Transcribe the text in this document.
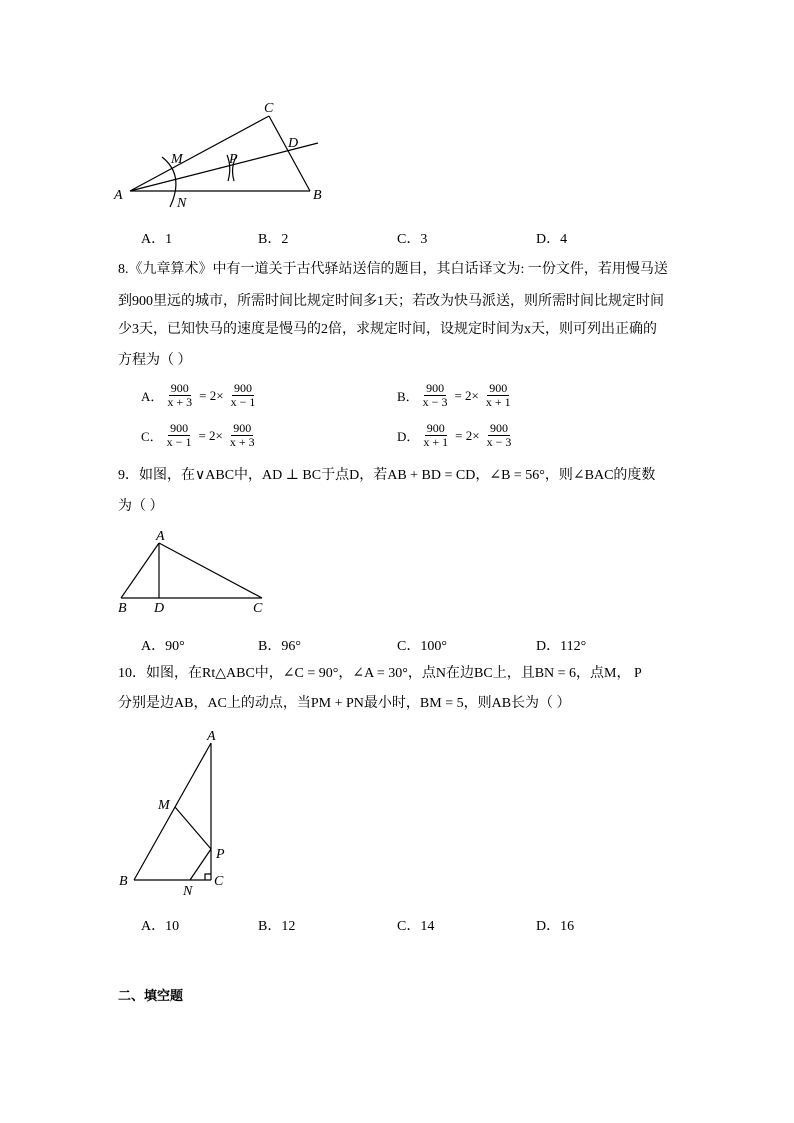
A	B
C
D
M
N
P
A．1	B．2	C．3	D．4
8.《九章算术》中有一道关于古代驿站送信的题目，其白话译文为: 一份文件，若用慢马送
到900里远的城市，所需时间比规定时间多1天；若改为快马派送，则所需时间比规定时间
少3天，已知快马的速度是慢马的2倍，求规定时间，设规定时间为x天，则可列出正确的
方程为（ ）
A． $\frac{900}{x + 3} = 2\times \frac{900}{x - 1}$	B． $\frac{900}{x - 3} = 2\times \frac{900}{x + 1}$
C． $\frac{900}{x - 1} = 2\times \frac{900}{x + 3}$	D． $\frac{900}{x + 1} = 2\times \frac{900}{x - 3}$
9．如图，在∨ABC中，AD ⊥ BC于点D，若AB + BD = CD，∠B = 56°，则∠BAC的度数
为（ ）
A
B D	C
A．90°	B．96°	C．100°	D．112°
10．如图，在Rt△ABC中，∠C = 90°，∠A = 30°，点N在边BC上，且BN = 6，点M， P
分别是边AB，AC上的动点，当PM + PN最小时，BM = 5，则AB长为（ ）
A
M
P
B
N
C
A．10	B．12	C．14	D．16
二、填空题
